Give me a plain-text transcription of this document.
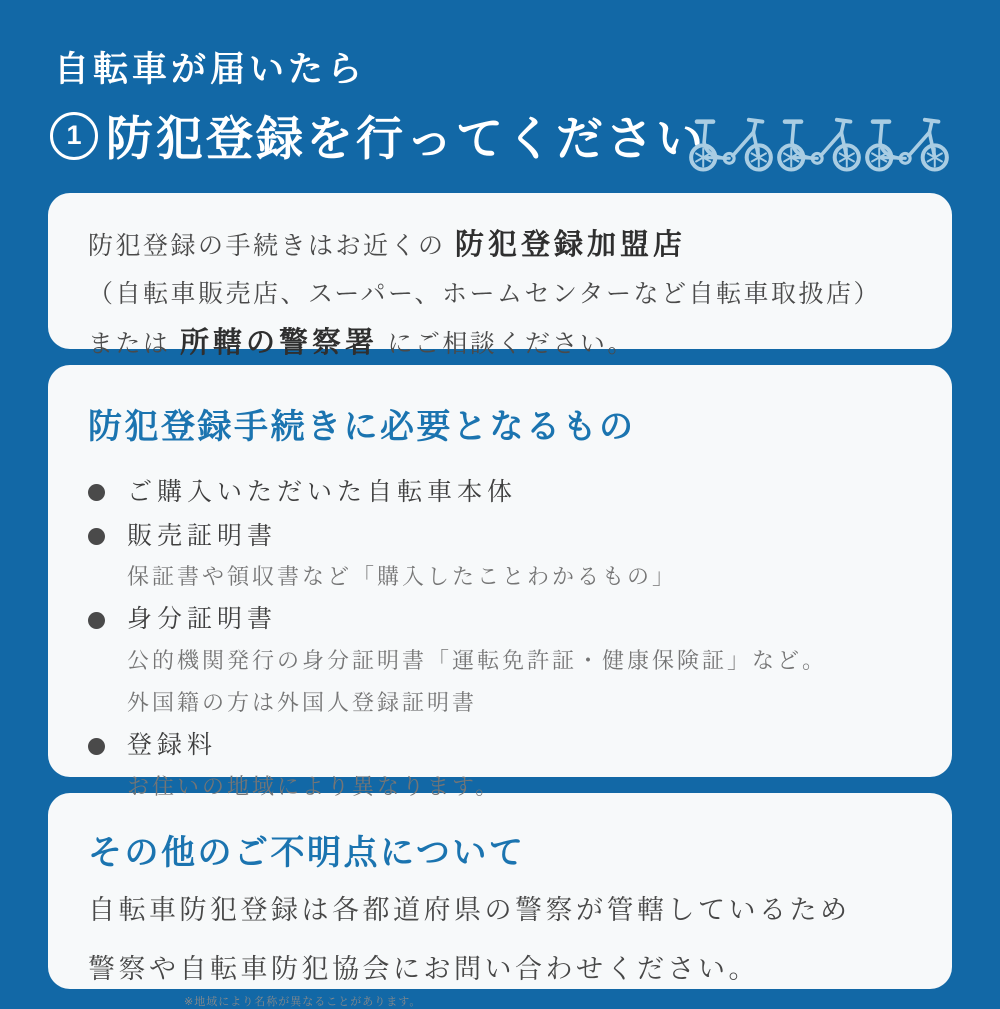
自転車が届いたら
1 防犯登録を行ってください

防犯登録の手続きはお近くの 防犯登録加盟店

（自転車販売店、スーパー、ホームセンターなど自転車取扱店）

または 所轄の警察署 にご相談ください。

防犯登録手続きに必要となるもの
ご購入いただいた自転車本体
販売証明書
保証書や領収書など「購入したことわかるもの」
身分証明書
公的機関発行の身分証明書「運転免許証・健康保険証」など。
外国籍の方は外国人登録証明書
登録料
お住いの地域により異なります。
その他のご不明点について

自転車防犯登録は各都道府県の警察が管轄しているため

警察や自転車防犯協会にお問い合わせください。

※地域により名称が異なることがあります。
